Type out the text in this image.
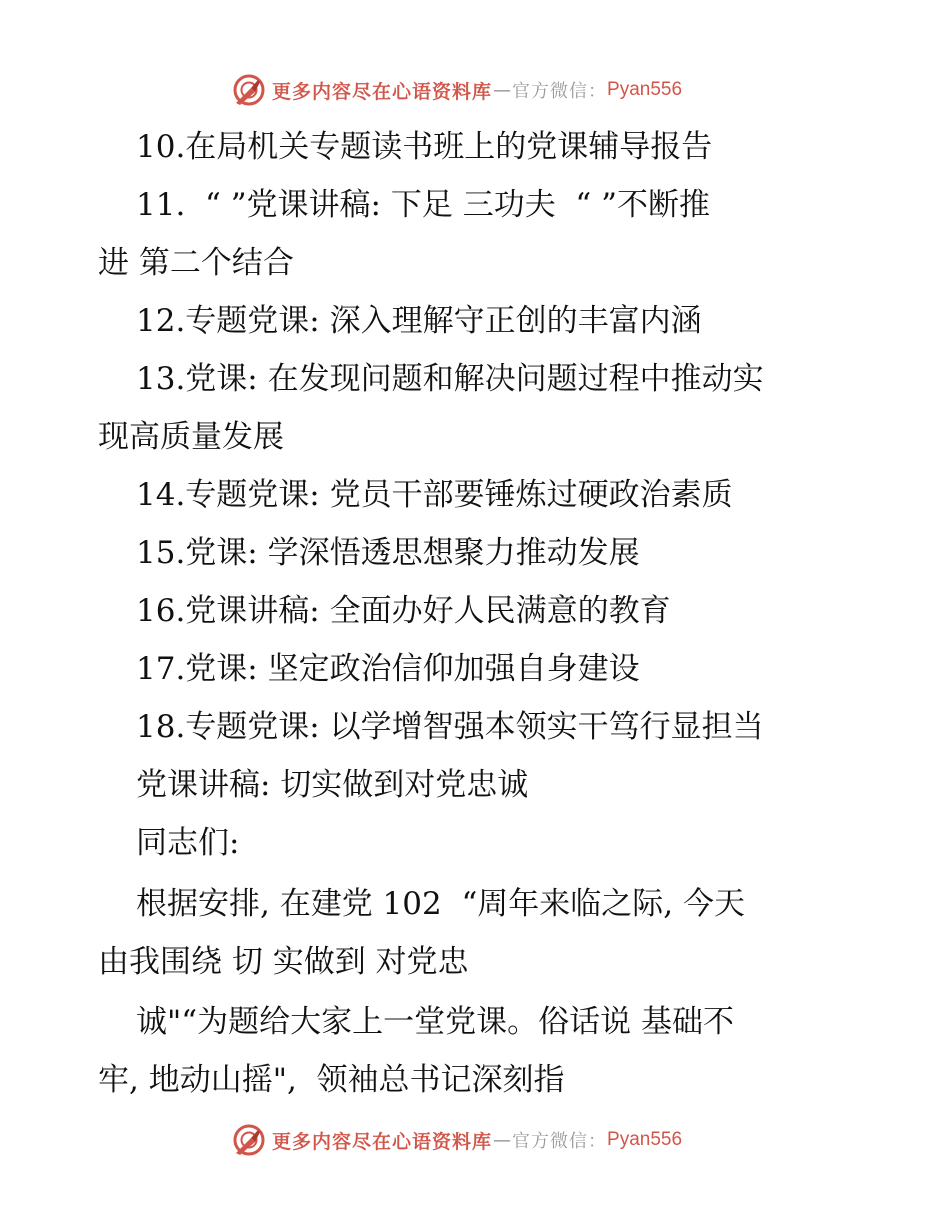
更多内容尽在心语资料库 — 官方微信： Pyan556

10.在局机关专题读书班上的党课辅导报告

11.  “ ”党课讲稿: 下足 三功夫  “ ”不断推

进 第二个结合

12.专题党课: 深入理解守正创的丰富内涵

13.党课: 在发现问题和解决问题过程中推动实

现高质量发展

14.专题党课: 党员干部要锤炼过硬政治素质

15.党课: 学深悟透思想聚力推动发展

16.党课讲稿: 全面办好人民满意的教育

17.党课: 坚定政治信仰加强自身建设

18.专题党课: 以学增智强本领实干笃行显担当

党课讲稿: 切实做到对党忠诚

同志们:

根据安排, 在建党 102  “周年来临之际, 今天

由我围绕 切 实做到 对党忠

诚"“为题给大家上一堂党课。俗话说 基础不

牢, 地动山摇",  领袖总书记深刻指

更多内容尽在心语资料库 — 官方微信： Pyan556
